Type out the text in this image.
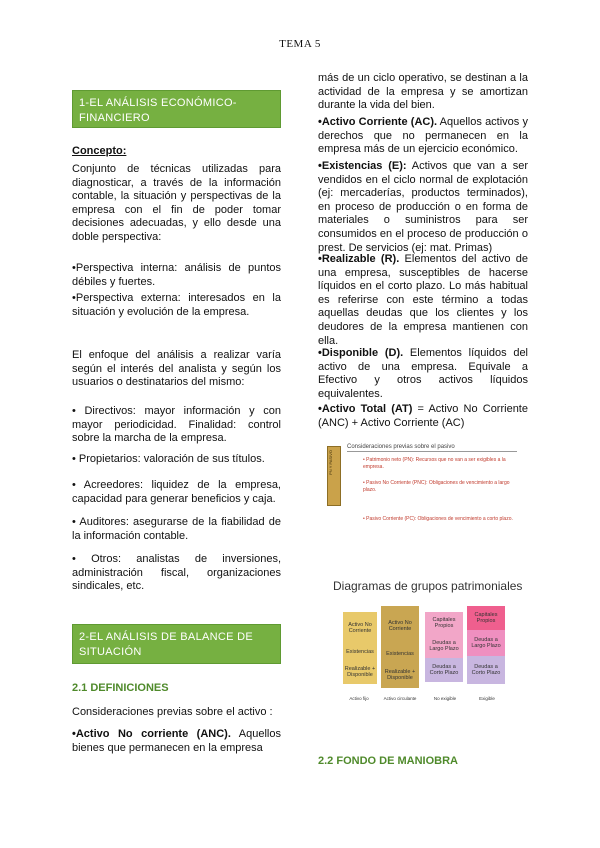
TEMA 5
1-EL ANÁLISIS ECONÓMICO-FINANCIERO
Concepto:
Conjunto de técnicas utilizadas para diagnosticar, a través de la información contable, la situación y perspectivas de la empresa con el fin de poder tomar decisiones adecuadas, y ello desde una doble perspectiva:
•Perspectiva interna: análisis de puntos débiles y fuertes.
•Perspectiva externa: interesados en la situación y evolución de la empresa.
El enfoque del análisis a realizar varía según el interés del analista y según los usuarios o destinatarios del mismo:
• Directivos: mayor información y con mayor periodicidad. Finalidad: control sobre la marcha de la empresa.
• Propietarios: valoración de sus títulos.
• Acreedores: liquidez de la empresa, capacidad para generar beneficios y caja.
• Auditores: asegurarse de la fiabilidad de la información contable.
• Otros: analistas de inversiones, administración fiscal, organizaciones sindicales, etc.
2-EL ANÁLISIS DE BALANCE DE SITUACIÓN
2.1 DEFINICIONES
Consideraciones previas sobre el activo :
•Activo No corriente (ANC). Aquellos bienes que permanecen en la empresa
más de un ciclo operativo, se destinan a la actividad de la empresa y se amortizan durante la vida del bien.
•Activo Corriente (AC). Aquellos activos y derechos que no permanecen en la empresa más de un ejercicio económico.
•Existencias (E): Activos que van a ser vendidos en el ciclo normal de explotación (ej: mercaderías, productos terminados), en proceso de producción o en forma de materiales o suministros para ser consumidos en el proceso de producción o prest. De servicios (ej: mat. Primas)
•Realizable (R). Elementos del activo de una empresa, susceptibles de hacerse líquidos en el corto plazo. Lo más habitual es referirse con este término a todas aquellas deudas que los clientes y los deudores de la empresa mantienen con ella.
•Disponible (D). Elementos líquidos del activo de una empresa. Equivale a Efectivo y otros activos líquidos equivalentes.
•Activo Total (AT) = Activo No Corriente (ANC) + Activo Corriente (AC)
2.2 FONDO DE MANIOBRA
Consideraciones previas sobre el pasivo
PN Y PASIVO	• Patrimonio neto (PN): Recursos que no van a ser exigibles a la empresa.
• Pasivo No Corriente (PNC): Obligaciones de vencimiento a largo plazo.
• Pasivo Corriente (PC): Obligaciones de vencimiento a corto plazo.
Diagramas de grupos patrimoniales
Activo No Corriente
Existencias
Realizable + Disponible
Activo No Corriente
Existencias
Realizable + Disponible
Capitales Propios
Deudas a Largo Plazo
Deudas a Corto Plazo
Capitales Propios
Deudas a Largo Plazo
Deudas a Corto Plazo
Activo fijo	Activo circulante	No exigible	Exigible
